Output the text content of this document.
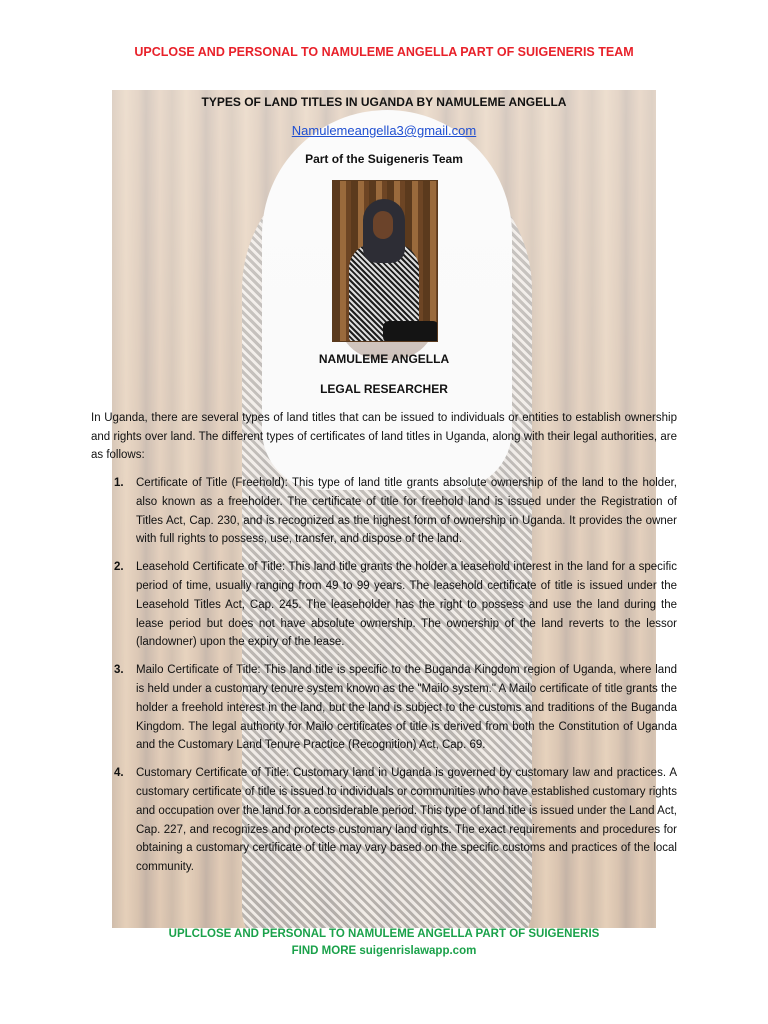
UPCLOSE AND PERSONAL TO NAMULEME ANGELLA PART OF SUIGENERIS TEAM
TYPES OF LAND TITLES IN UGANDA BY NAMULEME ANGELLA
Namulemeangella3@gmail.com
Part of the Suigeneris Team
NAMULEME ANGELLA
LEGAL RESEARCHER
In Uganda, there are several types of land titles that can be issued to individuals or entities to establish ownership and rights over land. The different types of certificates of land titles in Uganda, along with their legal authorities, are as follows:
1. Certificate of Title (Freehold): This type of land title grants absolute ownership of the land to the holder, also known as a freeholder. The certificate of title for freehold land is issued under the Registration of Titles Act, Cap. 230, and is recognized as the highest form of ownership in Uganda. It provides the owner with full rights to possess, use, transfer, and dispose of the land.
2. Leasehold Certificate of Title: This land title grants the holder a leasehold interest in the land for a specific period of time, usually ranging from 49 to 99 years. The leasehold certificate of title is issued under the Leasehold Titles Act, Cap. 245. The leaseholder has the right to possess and use the land during the lease period but does not have absolute ownership. The ownership of the land reverts to the lessor (landowner) upon the expiry of the lease.
3. Mailo Certificate of Title: This land title is specific to the Buganda Kingdom region of Uganda, where land is held under a customary tenure system known as the "Mailo system." A Mailo certificate of title grants the holder a freehold interest in the land, but the land is subject to the customs and traditions of the Buganda Kingdom. The legal authority for Mailo certificates of title is derived from both the Constitution of Uganda and the Customary Land Tenure Practice (Recognition) Act, Cap. 69.
4. Customary Certificate of Title: Customary land in Uganda is governed by customary law and practices. A customary certificate of title is issued to individuals or communities who have established customary rights and occupation over the land for a considerable period. This type of land title is issued under the Land Act, Cap. 227, and recognizes and protects customary land rights. The exact requirements and procedures for obtaining a customary certificate of title may vary based on the specific customs and practices of the local community.
UPLCLOSE AND PERSONAL TO NAMULEME ANGELLA PART OF SUIGENERIS
FIND MORE suigenrislawapp.com
